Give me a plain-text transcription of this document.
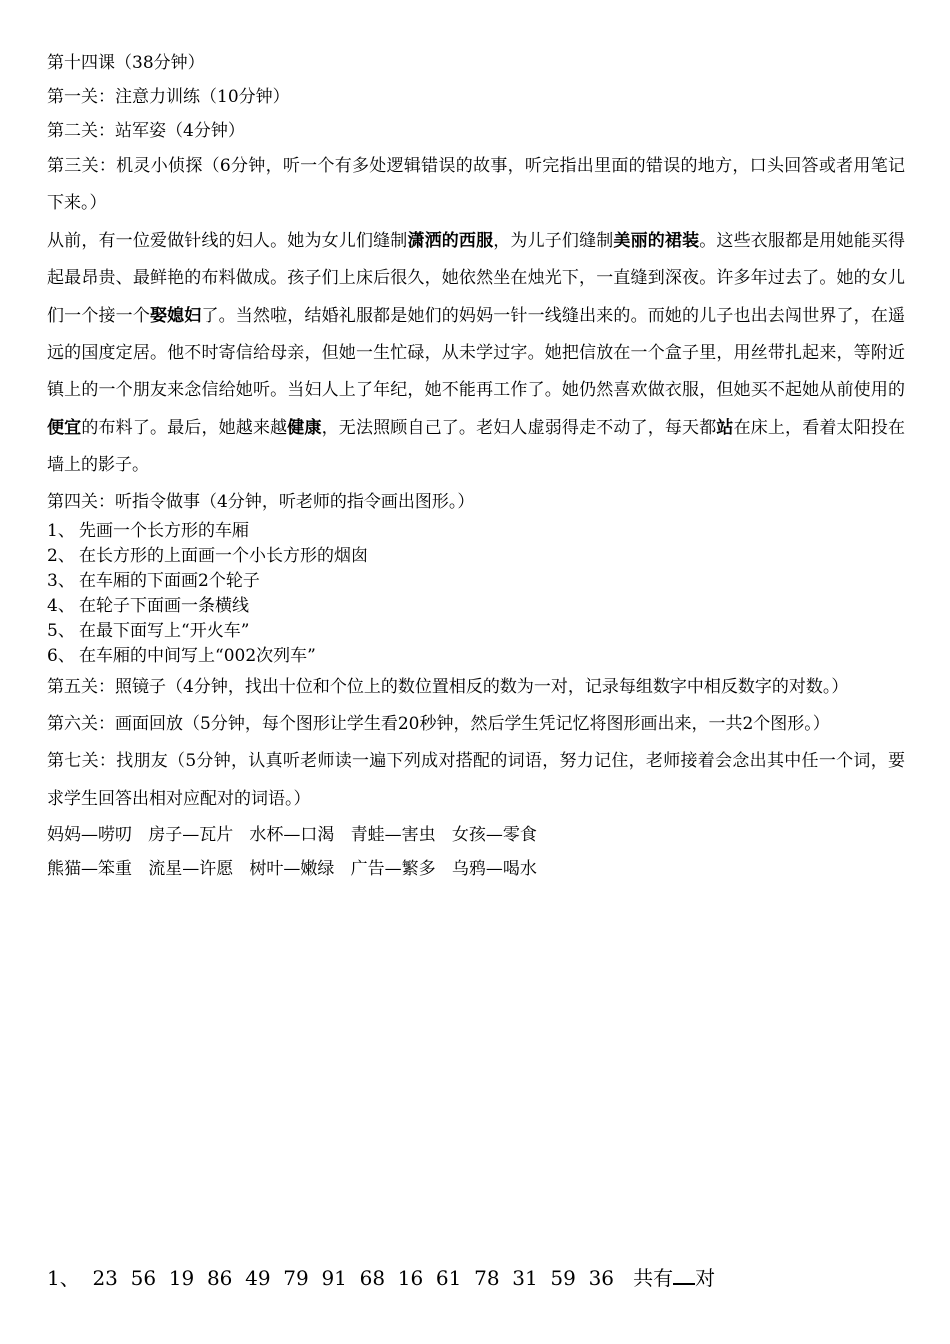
第十四课（38分钟）

第一关：注意力训练（10分钟）

第二关：站军姿（4分钟）

第三关：机灵小侦探（6分钟，听一个有多处逻辑错误的故事，听完指出里面的错误的地方，口头回答或者用笔记下来。）

从前，有一位爱做针线的妇人。她为女儿们缝制潇洒的西服，为儿子们缝制美丽的裙装。这些衣服都是用她能买得起最昂贵、最鲜艳的布料做成。孩子们上床后很久，她依然坐在烛光下，一直缝到深夜。许多年过去了。她的女儿们一个接一个娶媳妇了。当然啦，结婚礼服都是她们的妈妈一针一线缝出来的。而她的儿子也出去闯世界了，在遥远的国度定居。他不时寄信给母亲，但她一生忙碌，从未学过字。她把信放在一个盒子里，用丝带扎起来，等附近镇上的一个朋友来念信给她听。当妇人上了年纪，她不能再工作了。她仍然喜欢做衣服，但她买不起她从前使用的便宜的布料了。最后，她越来越健康，无法照顾自己了。老妇人虚弱得走不动了，每天都站在床上，看着太阳投在墙上的影子。

第四关：听指令做事（4分钟，听老师的指令画出图形。）

1、 先画一个长方形的车厢
2、 在长方形的上面画一个小长方形的烟囱
3、 在车厢的下面画2个轮子
4、 在轮子下面画一条横线
5、 在最下面写上“开火车”
6、 在车厢的中间写上“002次列车”

第五关：照镜子（4分钟，找出十位和个位上的数位置相反的数为一对，记录每组数字中相反数字的对数。）

第六关：画面回放（5分钟，每个图形让学生看20秒钟，然后学生凭记忆将图形画出来，一共2个图形。）

第七关：找朋友（5分钟，认真听老师读一遍下列成对搭配的词语，努力记住，老师接着会念出其中任一个词，要求学生回答出相对应配对的词语。）

妈妈—唠叨   房子—瓦片   水杯—口渴   青蛙—害虫   女孩—零食

熊猫—笨重   流星—许愿   树叶—嫩绿   广告—繁多   乌鸦—喝水

1、 23  56  19  86  49  79  91  68  16  61  78  31  59  36 共有 对
